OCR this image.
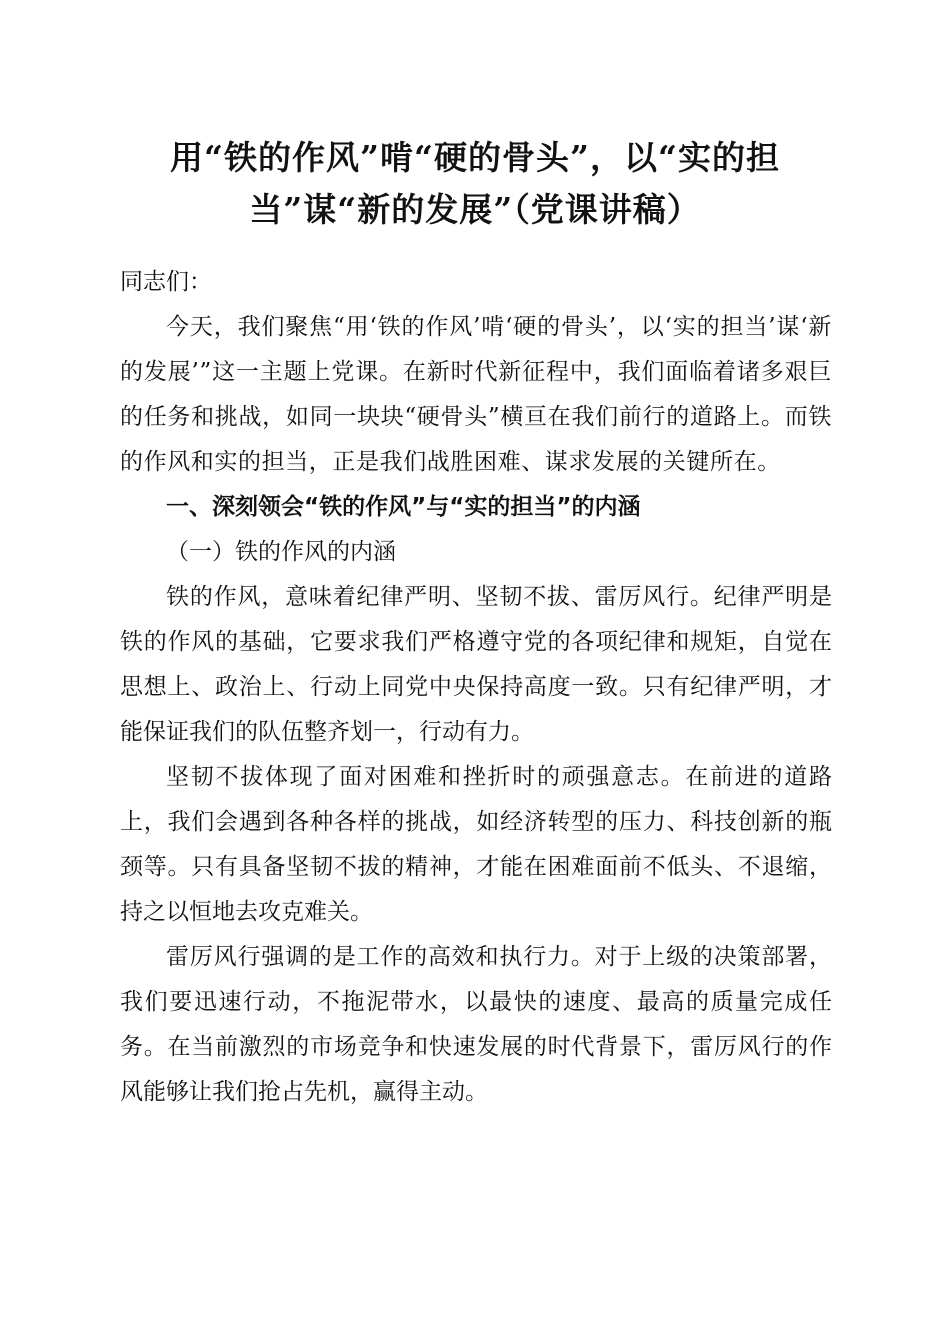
用“铁的作风”啃“硬的骨头”，以“实的担
当”谋“新的发展”（党课讲稿）

同志们：

今天，我们聚焦“用‘铁的作风’啃‘硬的骨头’，以‘实的担当’谋‘新的发展’”这一主题上党课。在新时代新征程中，我们面临着诸多艰巨的任务和挑战，如同一块块“硬骨头”横亘在我们前行的道路上。而铁的作风和实的担当，正是我们战胜困难、谋求发展的关键所在。

一、深刻领会“铁的作风”与“实的担当”的内涵

（一）铁的作风的内涵

铁的作风，意味着纪律严明、坚韧不拔、雷厉风行。纪律严明是铁的作风的基础，它要求我们严格遵守党的各项纪律和规矩，自觉在思想上、政治上、行动上同党中央保持高度一致。只有纪律严明，才能保证我们的队伍整齐划一，行动有力。

坚韧不拔体现了面对困难和挫折时的顽强意志。在前进的道路上，我们会遇到各种各样的挑战，如经济转型的压力、科技创新的瓶颈等。只有具备坚韧不拔的精神，才能在困难面前不低头、不退缩，持之以恒地去攻克难关。

雷厉风行强调的是工作的高效和执行力。对于上级的决策部署，我们要迅速行动，不拖泥带水，以最快的速度、最高的质量完成任务。在当前激烈的市场竞争和快速发展的时代背景下，雷厉风行的作风能够让我们抢占先机，赢得主动。
